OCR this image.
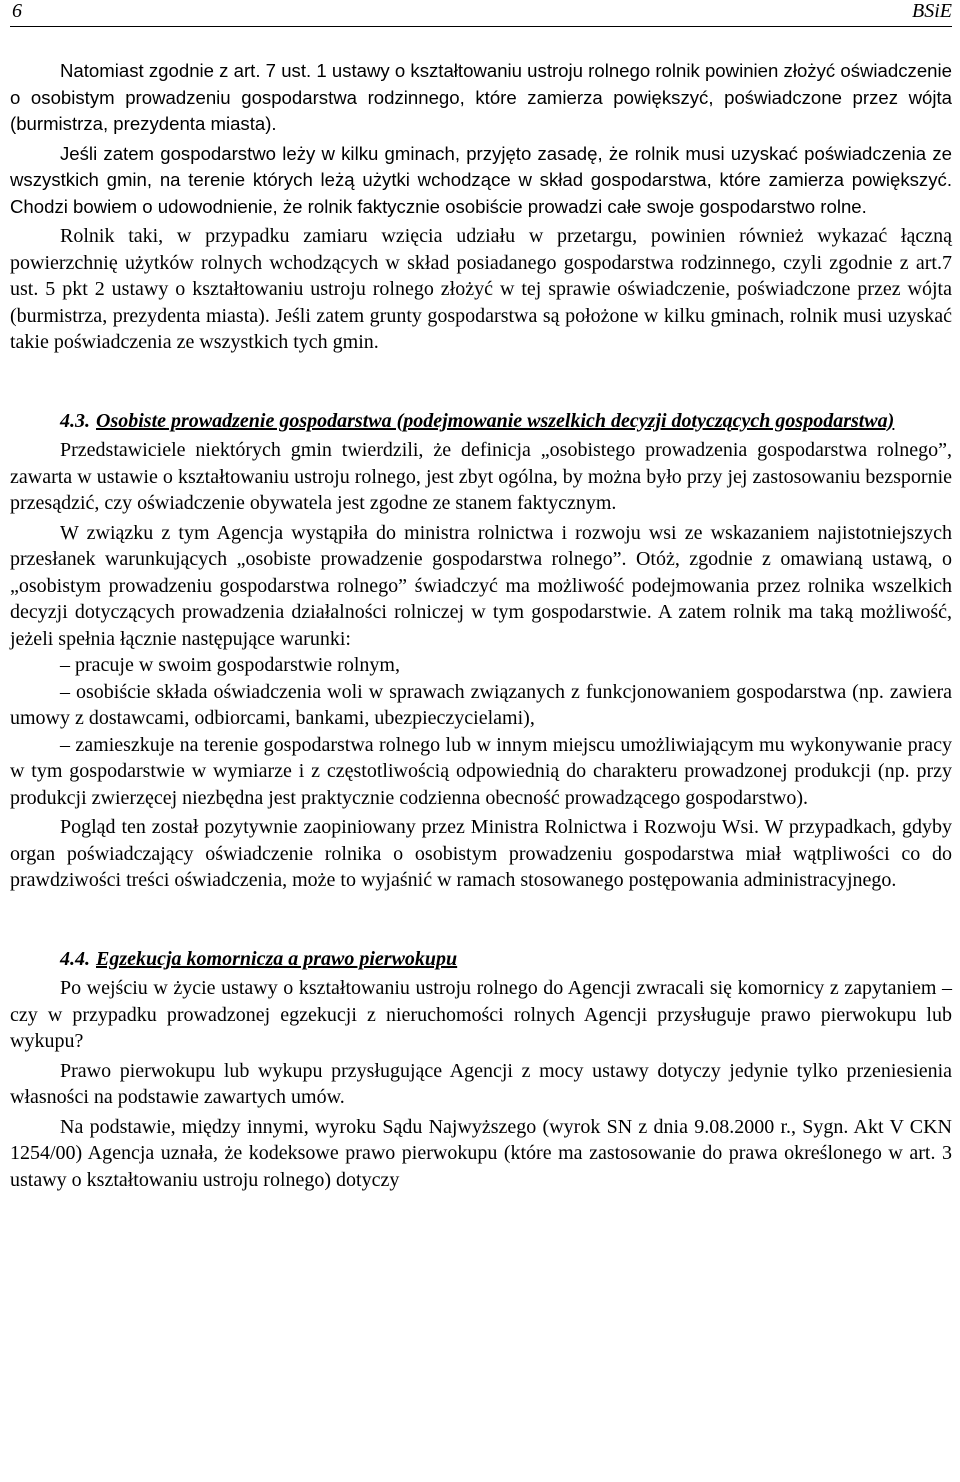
6	BSiE

Natomiast zgodnie z art. 7 ust. 1 ustawy o kształtowaniu ustroju rolnego rolnik powinien złożyć oświadczenie o osobistym prowadzeniu gospodarstwa rodzinnego, które zamierza powiększyć, poświadczone przez wójta (burmistrza, prezydenta miasta).

Jeśli zatem gospodarstwo leży w kilku gminach, przyjęto zasadę, że rolnik musi uzyskać poświadczenia ze wszystkich gmin, na terenie których leżą użytki wchodzące w skład gospodarstwa, które zamierza powiększyć. Chodzi bowiem o udowodnienie, że rolnik faktycznie osobiście prowadzi całe swoje gospodarstwo rolne.

Rolnik taki, w przypadku zamiaru wzięcia udziału w przetargu, powinien również wykazać łączną powierzchnię użytków rolnych wchodzących w skład posiadanego gospodarstwa rodzinnego, czyli zgodnie z art.7 ust. 5 pkt 2 ustawy o kształtowaniu ustroju rolnego złożyć w tej sprawie oświadczenie, poświadczone przez wójta (burmistrza, prezydenta miasta). Jeśli zatem grunty gospodarstwa są położone w kilku gminach, rolnik musi uzyskać takie poświadczenia ze wszystkich tych gmin.

4.3. Osobiste prowadzenie gospodarstwa (podejmowanie wszelkich decyzji dotyczących gospodarstwa)

Przedstawiciele niektórych gmin twierdzili, że definicja „osobistego prowadzenia gospodarstwa rolnego”, zawarta w ustawie o kształtowaniu ustroju rolnego, jest zbyt ogólna, by można było przy jej zastosowaniu bezspornie przesądzić, czy oświadczenie obywatela jest zgodne ze stanem faktycznym.

W związku z tym Agencja wystąpiła do ministra rolnictwa i rozwoju wsi ze wskazaniem najistotniejszych przesłanek warunkujących „osobiste prowadzenie gospodarstwa rolnego”. Otóż, zgodnie z omawianą ustawą, o „osobistym prowadzeniu gospodarstwa rolnego” świadczyć ma możliwość podejmowania przez rolnika wszelkich decyzji dotyczących prowadzenia działalności rolniczej w tym gospodarstwie. A zatem rolnik ma taką możliwość, jeżeli spełnia łącznie następujące warunki:

– pracuje w swoim gospodarstwie rolnym,

– osobiście składa oświadczenia woli w sprawach związanych z funkcjonowaniem gospodarstwa (np. zawiera umowy z dostawcami, odbiorcami, bankami, ubezpieczycielami),

– zamieszkuje na terenie gospodarstwa rolnego lub w innym miejscu umożliwiającym mu wykonywanie pracy w tym gospodarstwie w wymiarze i z częstotliwością odpowiednią do charakteru prowadzonej produkcji (np. przy produkcji zwierzęcej niezbędna jest praktycznie codzienna obecność prowadzącego gospodarstwo).

Pogląd ten został pozytywnie zaopiniowany przez Ministra Rolnictwa i Rozwoju Wsi. W przypadkach, gdyby organ poświadczający oświadczenie rolnika o osobistym prowadzeniu gospodarstwa miał wątpliwości co do prawdziwości treści oświadczenia, może to wyjaśnić w ramach stosowanego postępowania administracyjnego.

4.4. Egzekucja komornicza a prawo pierwokupu

Po wejściu w życie ustawy o kształtowaniu ustroju rolnego do Agencji zwracali się komornicy z zapytaniem – czy w przypadku prowadzonej egzekucji z nieruchomości rolnych Agencji przysługuje prawo pierwokupu lub wykupu?

Prawo pierwokupu lub wykupu przysługujące Agencji z mocy ustawy dotyczy jedynie tylko przeniesienia własności na podstawie zawartych umów.

Na podstawie, między innymi, wyroku Sądu Najwyższego (wyrok SN z dnia 9.08.2000 r., Sygn. Akt V CKN 1254/00) Agencja uznała, że kodeksowe prawo pierwokupu (które ma zastosowanie do prawa określonego w art. 3 ustawy o kształtowaniu ustroju rolnego) dotyczy
